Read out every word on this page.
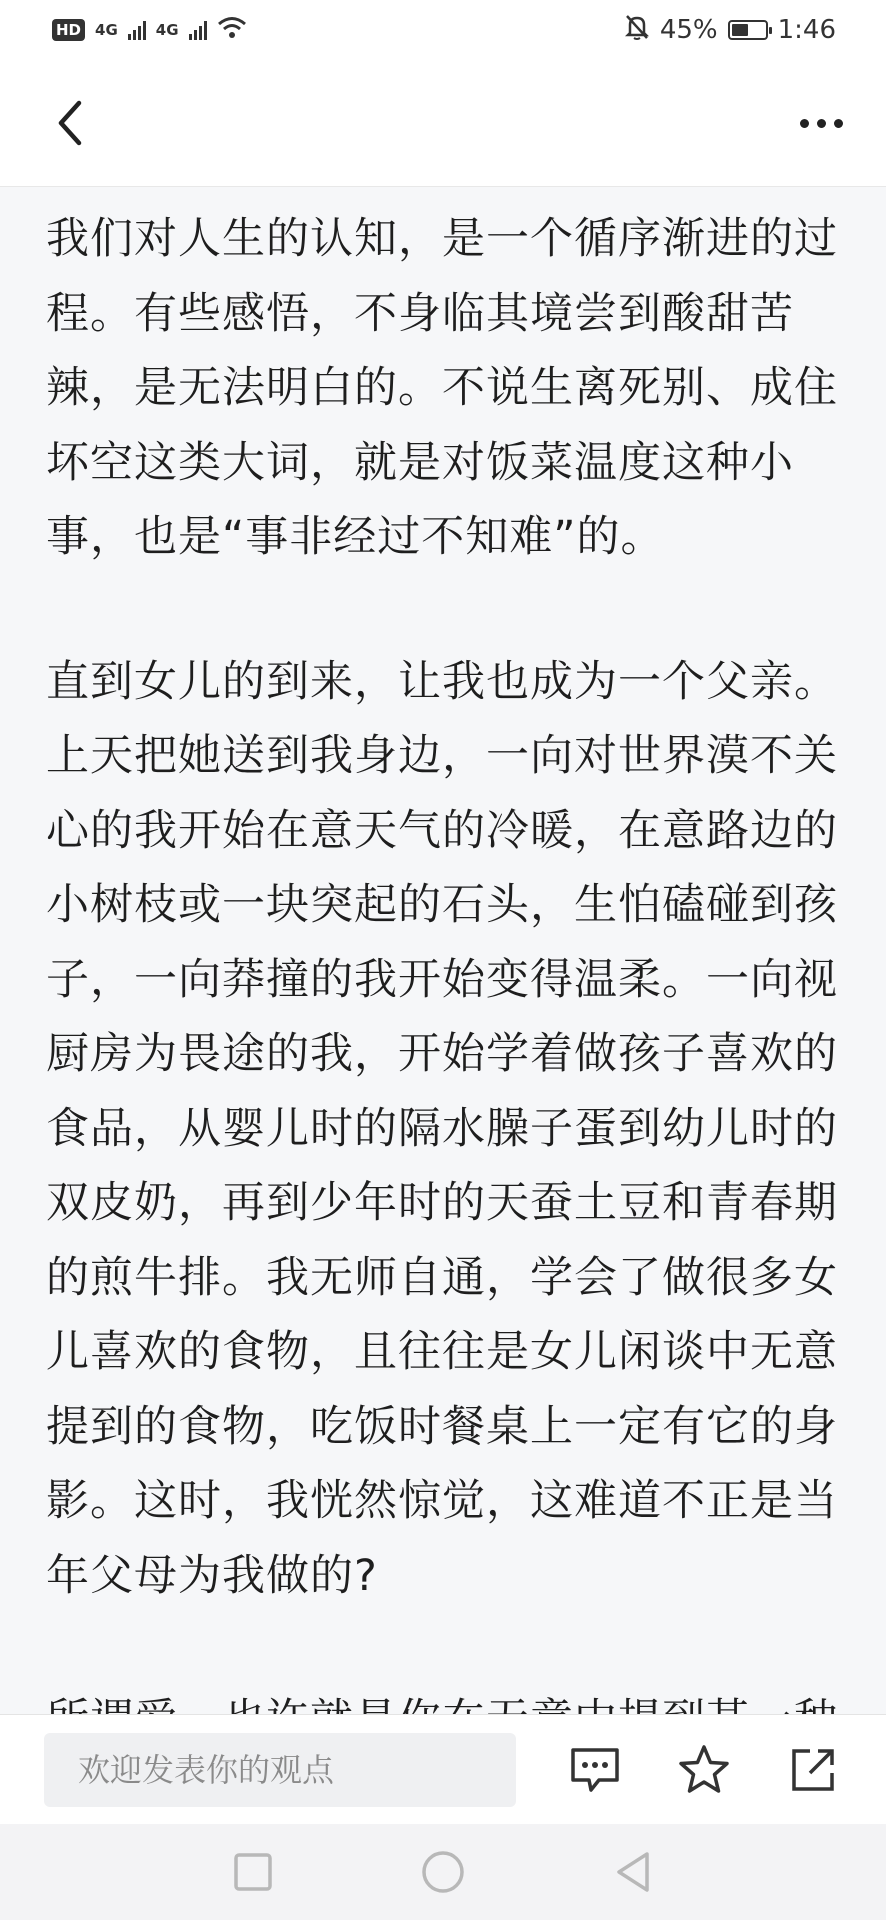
HD 4G	4G	45% 1:46

我们对人生的认知，是一个循序渐进的过程。有些感悟，不身临其境尝到酸甜苦辣，是无法明白的。不说生离死别、成住坏空这类大词，就是对饭菜温度这种小事，也是“事非经过不知难”的。

直到女儿的到来，让我也成为一个父亲。上天把她送到我身边，一向对世界漠不关心的我开始在意天气的冷暖，在意路边的小树枝或一块突起的石头，生怕磕碰到孩子，一向莽撞的我开始变得温柔。一向视厨房为畏途的我，开始学着做孩子喜欢的食品，从婴儿时的隔水臊子蛋到幼儿时的双皮奶，再到少年时的天蚕土豆和青春期的煎牛排。我无师自通，学会了做很多女儿喜欢的食物，且往往是女儿闲谈中无意提到的食物，吃饭时餐桌上一定有它的身影。这时，我恍然惊觉，这难道不正是当年父母为我做的?

欢迎发表你的观点
